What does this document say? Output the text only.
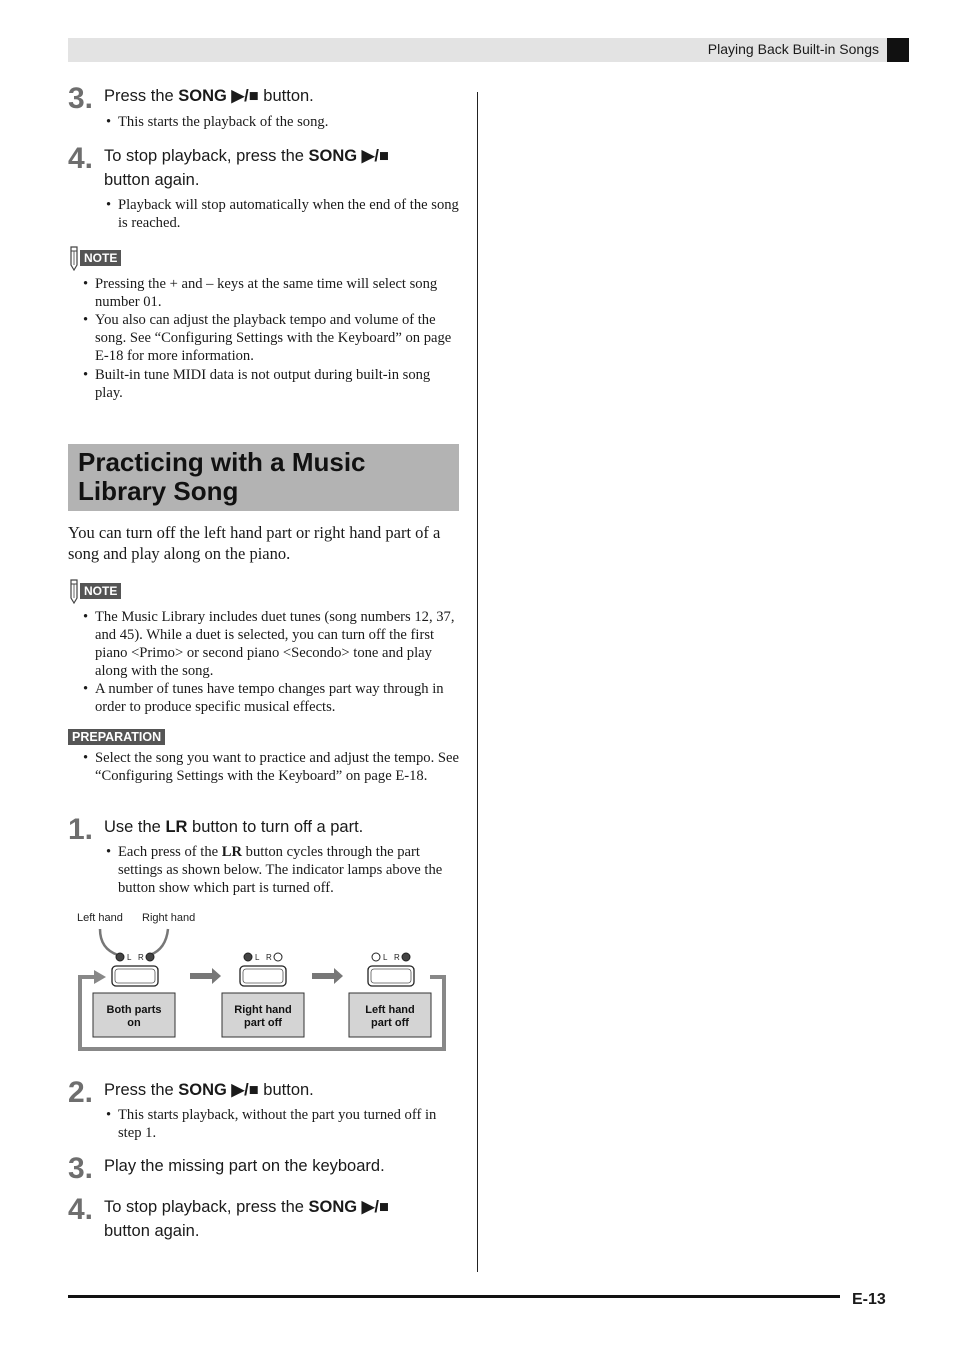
Playing Back Built-in Songs
3. Press the SONG ▶/■ button.
• This starts the playback of the song.
4. To stop playback, press the SONG ▶/■ button again.
• Playback will stop automatically when the end of the song is reached.
NOTE
• Pressing the + and – keys at the same time will select song number 01.
• You also can adjust the playback tempo and volume of the song. See “Configuring Settings with the Keyboard” on page E-18 for more information.
• Built-in tune MIDI data is not output during built-in song play.
Practicing with a Music
Library Song
You can turn off the left hand part or right hand part of a song and play along on the piano.
NOTE
• The Music Library includes duet tunes (song numbers 12, 37, and 45). While a duet is selected, you can turn off the first piano <Primo> or second piano <Secondo> tone and play along with the song.
• A number of tunes have tempo changes part way through in order to produce specific musical effects.
PREPARATION
• Select the song you want to practice and adjust the tempo. See “Configuring Settings with the Keyboard” on page E-18.
1. Use the LR button to turn off a part.
• Each press of the LR button cycles through the part settings as shown below. The indicator lamps above the button show which part is turned off.
Left hand Right hand
L R	L R	L R
Both parts
on
Right hand
part off
Left hand
part off
2. Press the SONG ▶/■ button.
• This starts playback, without the part you turned off in step 1.
3. Play the missing part on the keyboard.
4. To stop playback, press the SONG ▶/■ button again.
E-13
